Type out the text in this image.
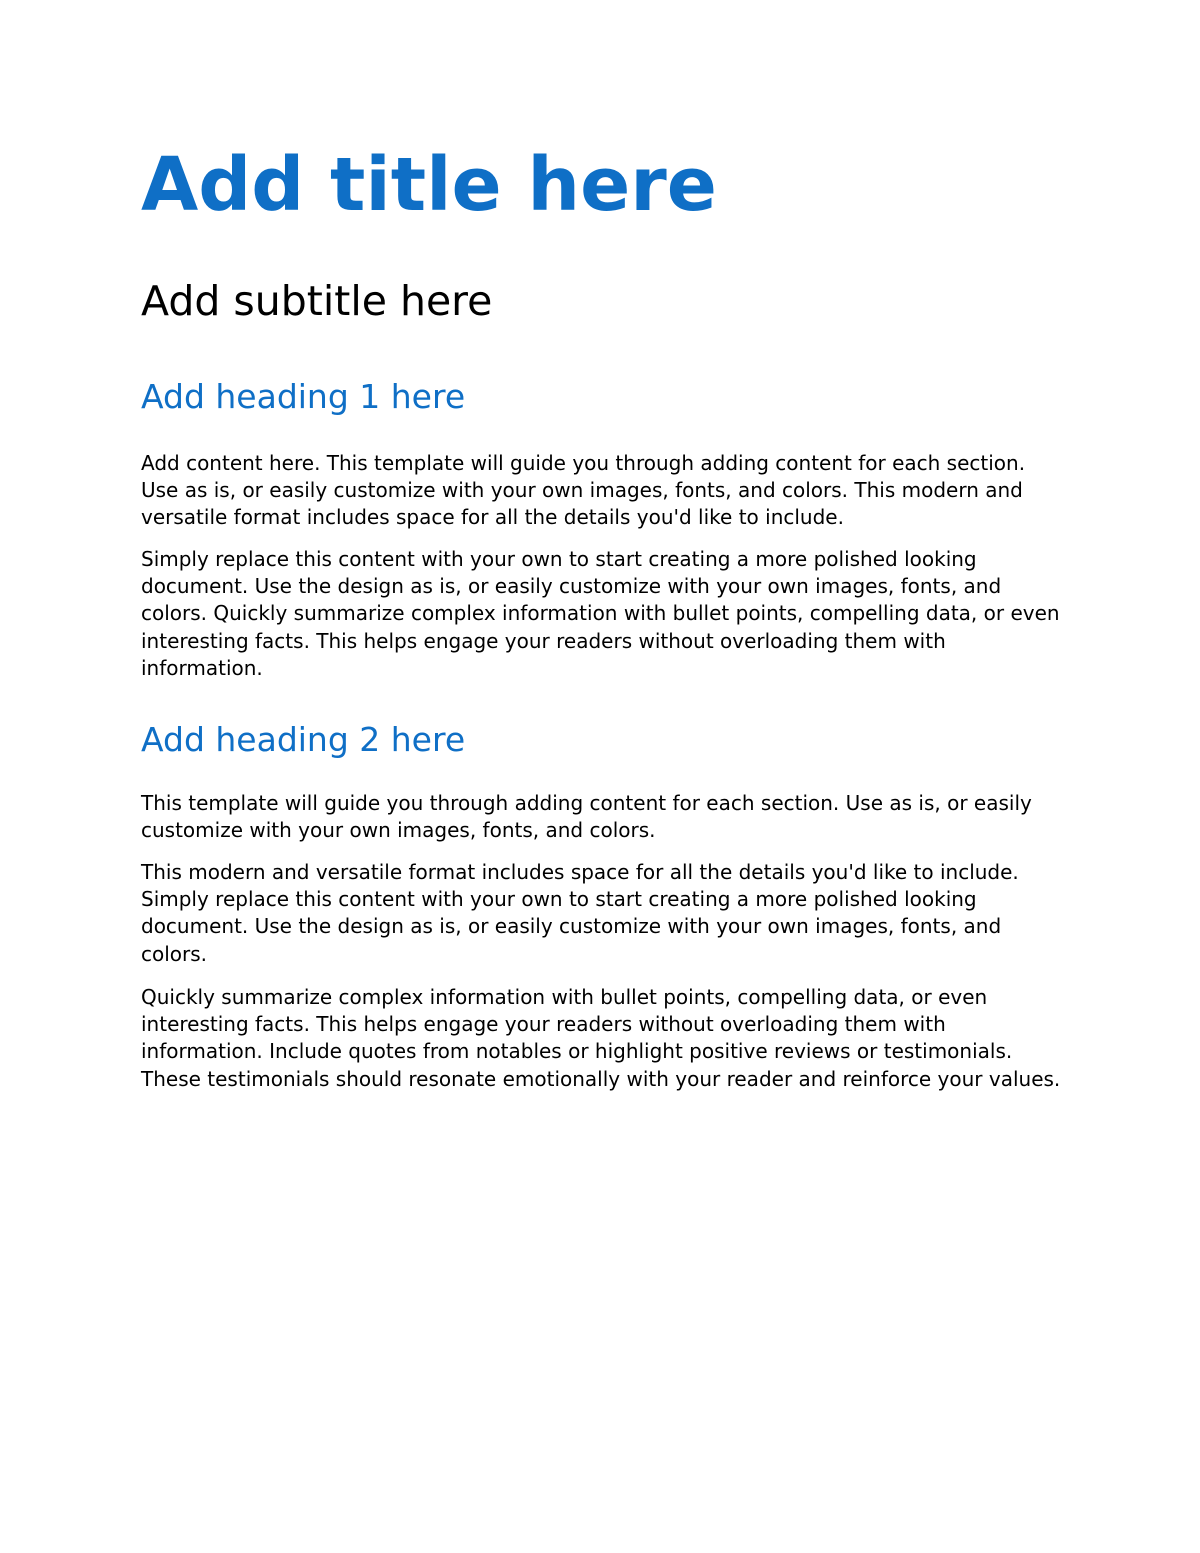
Add title here
Add subtitle here
Add heading 1 here

Add content here. This template will guide you through adding content for each section. Use as is, or easily customize with your own images, fonts, and colors. This modern and versatile format includes space for all the details you'd like to include.

Simply replace this content with your own to start creating a more polished looking document. Use the design as is, or easily customize with your own images, fonts, and colors. Quickly summarize complex information with bullet points, compelling data, or even interesting facts. This helps engage your readers without overloading them with information.

Add heading 2 here

This template will guide you through adding content for each section. Use as is, or easily customize with your own images, fonts, and colors.

This modern and versatile format includes space for all the details you'd like to include. Simply replace this content with your own to start creating a more polished looking document. Use the design as is, or easily customize with your own images, fonts, and colors.

Quickly summarize complex information with bullet points, compelling data, or even interesting facts. This helps engage your readers without overloading them with information. Include quotes from notables or highlight positive reviews or testimonials. These testimonials should resonate emotionally with your reader and reinforce your values.
